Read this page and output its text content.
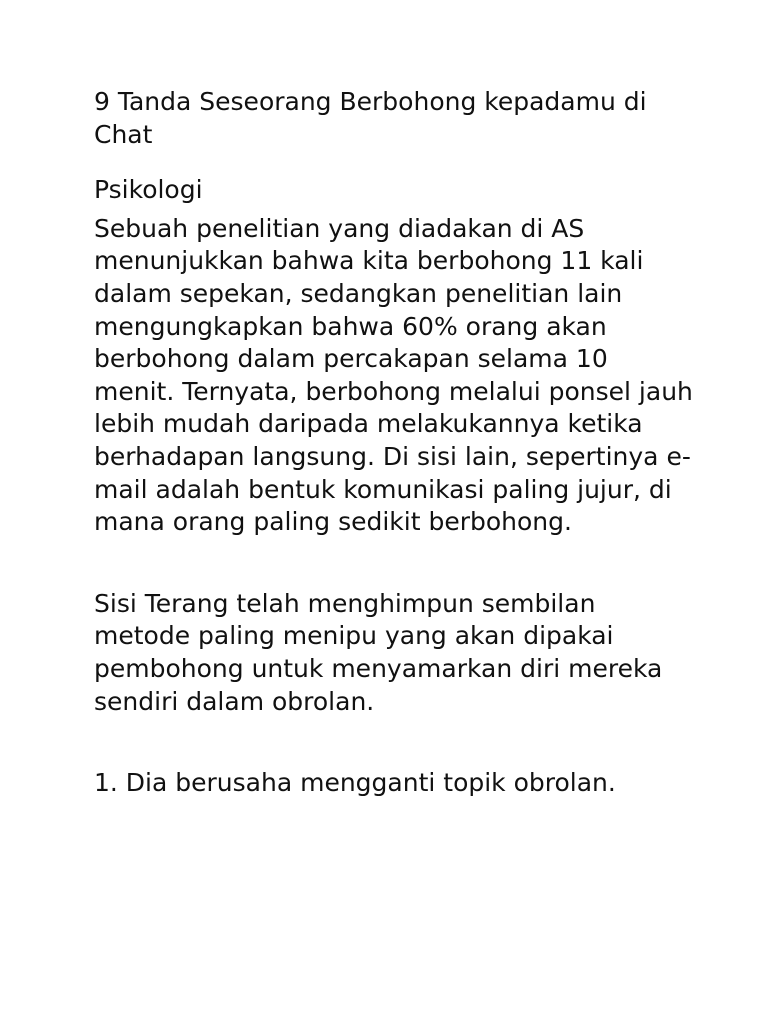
9 Tanda Seseorang Berbohong kepadamu di Chat

Psikologi

Sebuah penelitian yang diadakan di AS menunjukkan bahwa kita berbohong 11 kali dalam sepekan, sedangkan penelitian lain mengungkapkan bahwa 60% orang akan berbohong dalam percakapan selama 10 menit. Ternyata, berbohong melalui ponsel jauh lebih mudah daripada melakukannya ketika berhadapan langsung. Di sisi lain, sepertinya e-mail adalah bentuk komunikasi paling jujur, di mana orang paling sedikit berbohong.

Sisi Terang telah menghimpun sembilan metode paling menipu yang akan dipakai pembohong untuk menyamarkan diri mereka sendiri dalam obrolan.

1. Dia berusaha mengganti topik obrolan.
